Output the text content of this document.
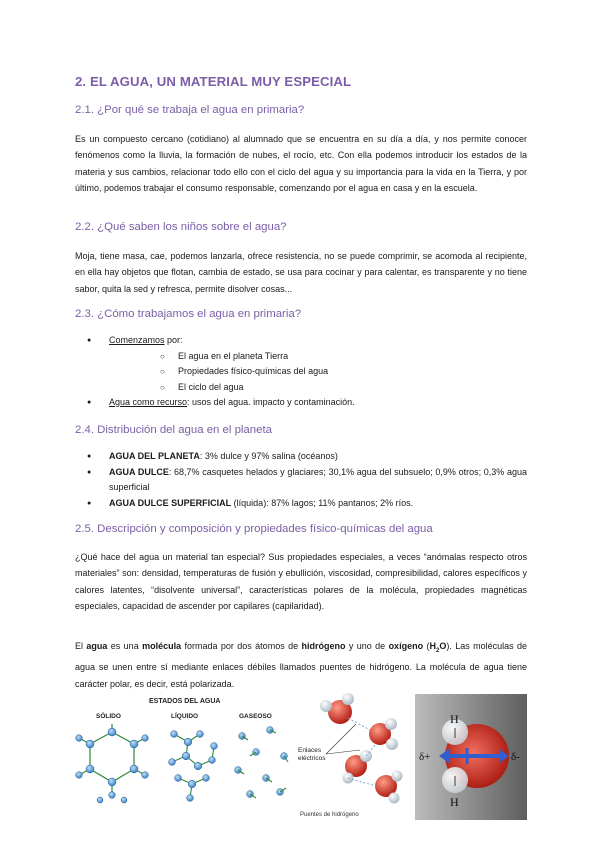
2. EL AGUA, UN MATERIAL MUY ESPECIAL
2.1. ¿Por qué se trabaja el agua en primaria?

Es un compuesto cercano (cotidiano) al alumnado que se encuentra en su día a día, y nos permite conocer fenómenos como la lluvia, la formación de nubes, el rocío, etc. Con ella podemos introducir los estados de la materia y sus cambios, relacionar todo ello con el ciclo del agua y su importancia para la vida en la Tierra, y por último, podemos trabajar el consumo responsable, comenzando por el agua en casa y en la escuela.

2.2. ¿Qué saben los niños sobre el agua?

Moja, tiene masa, cae, podemos lanzarla, ofrece resistencia, no se puede comprimir, se acomoda al recipiente, en ella hay objetos que flotan, cambia de estado, se usa para cocinar y para calentar, es transparente y no tiene sabor, quita la sed y refresca, permite disolver cosas...

2.3. ¿Cómo trabajamos el agua en primaria?
● Comenzamos por:
○ El agua en el planeta Tierra
○ Propiedades físico-químicas del agua
○ El ciclo del agua
● Agua como recurso: usos del agua. impacto y contaminación.
2.4. Distribución del agua en el planeta
● AGUA DEL PLANETA: 3% dulce y 97% salina (océanos)
● AGUA DULCE: 68,7% casquetes helados y glaciares; 30,1% agua del subsuelo; 0,9% otros; 0,3% agua superficial
● AGUA DULCE SUPERFICIAL (líquida): 87% lagos; 11% pantanos; 2% ríos.
2.5. Descripción y composición y propiedades físico-químicas del agua

¿Qué hace del agua un material tan especial? Sus propiedades especiales, a veces “anómalas respecto otros materiales” son: densidad, temperaturas de fusión y ebullición, viscosidad, compresibilidad, calores específicos y calores latentes, “disolvente universal”, características polares de la molécula, propiedades magnéticas especiales, capacidad de ascender por capilares (capilaridad).

El agua es una molécula formada por dos átomos de hidrógeno y uno de oxígeno $(H_2O)$. Las moléculas de agua se unen entre sí mediante enlaces débiles llamados puentes de hidrógeno. La molécula de agua tiene carácter polar, es decir, está polarizada.

ESTADOS DEL AGUA
SÓLIDO	LÍQUIDO	GASEOSO
Enlaces eléctricos
Puentes de hidrógeno
H
H
δ+	δ-
